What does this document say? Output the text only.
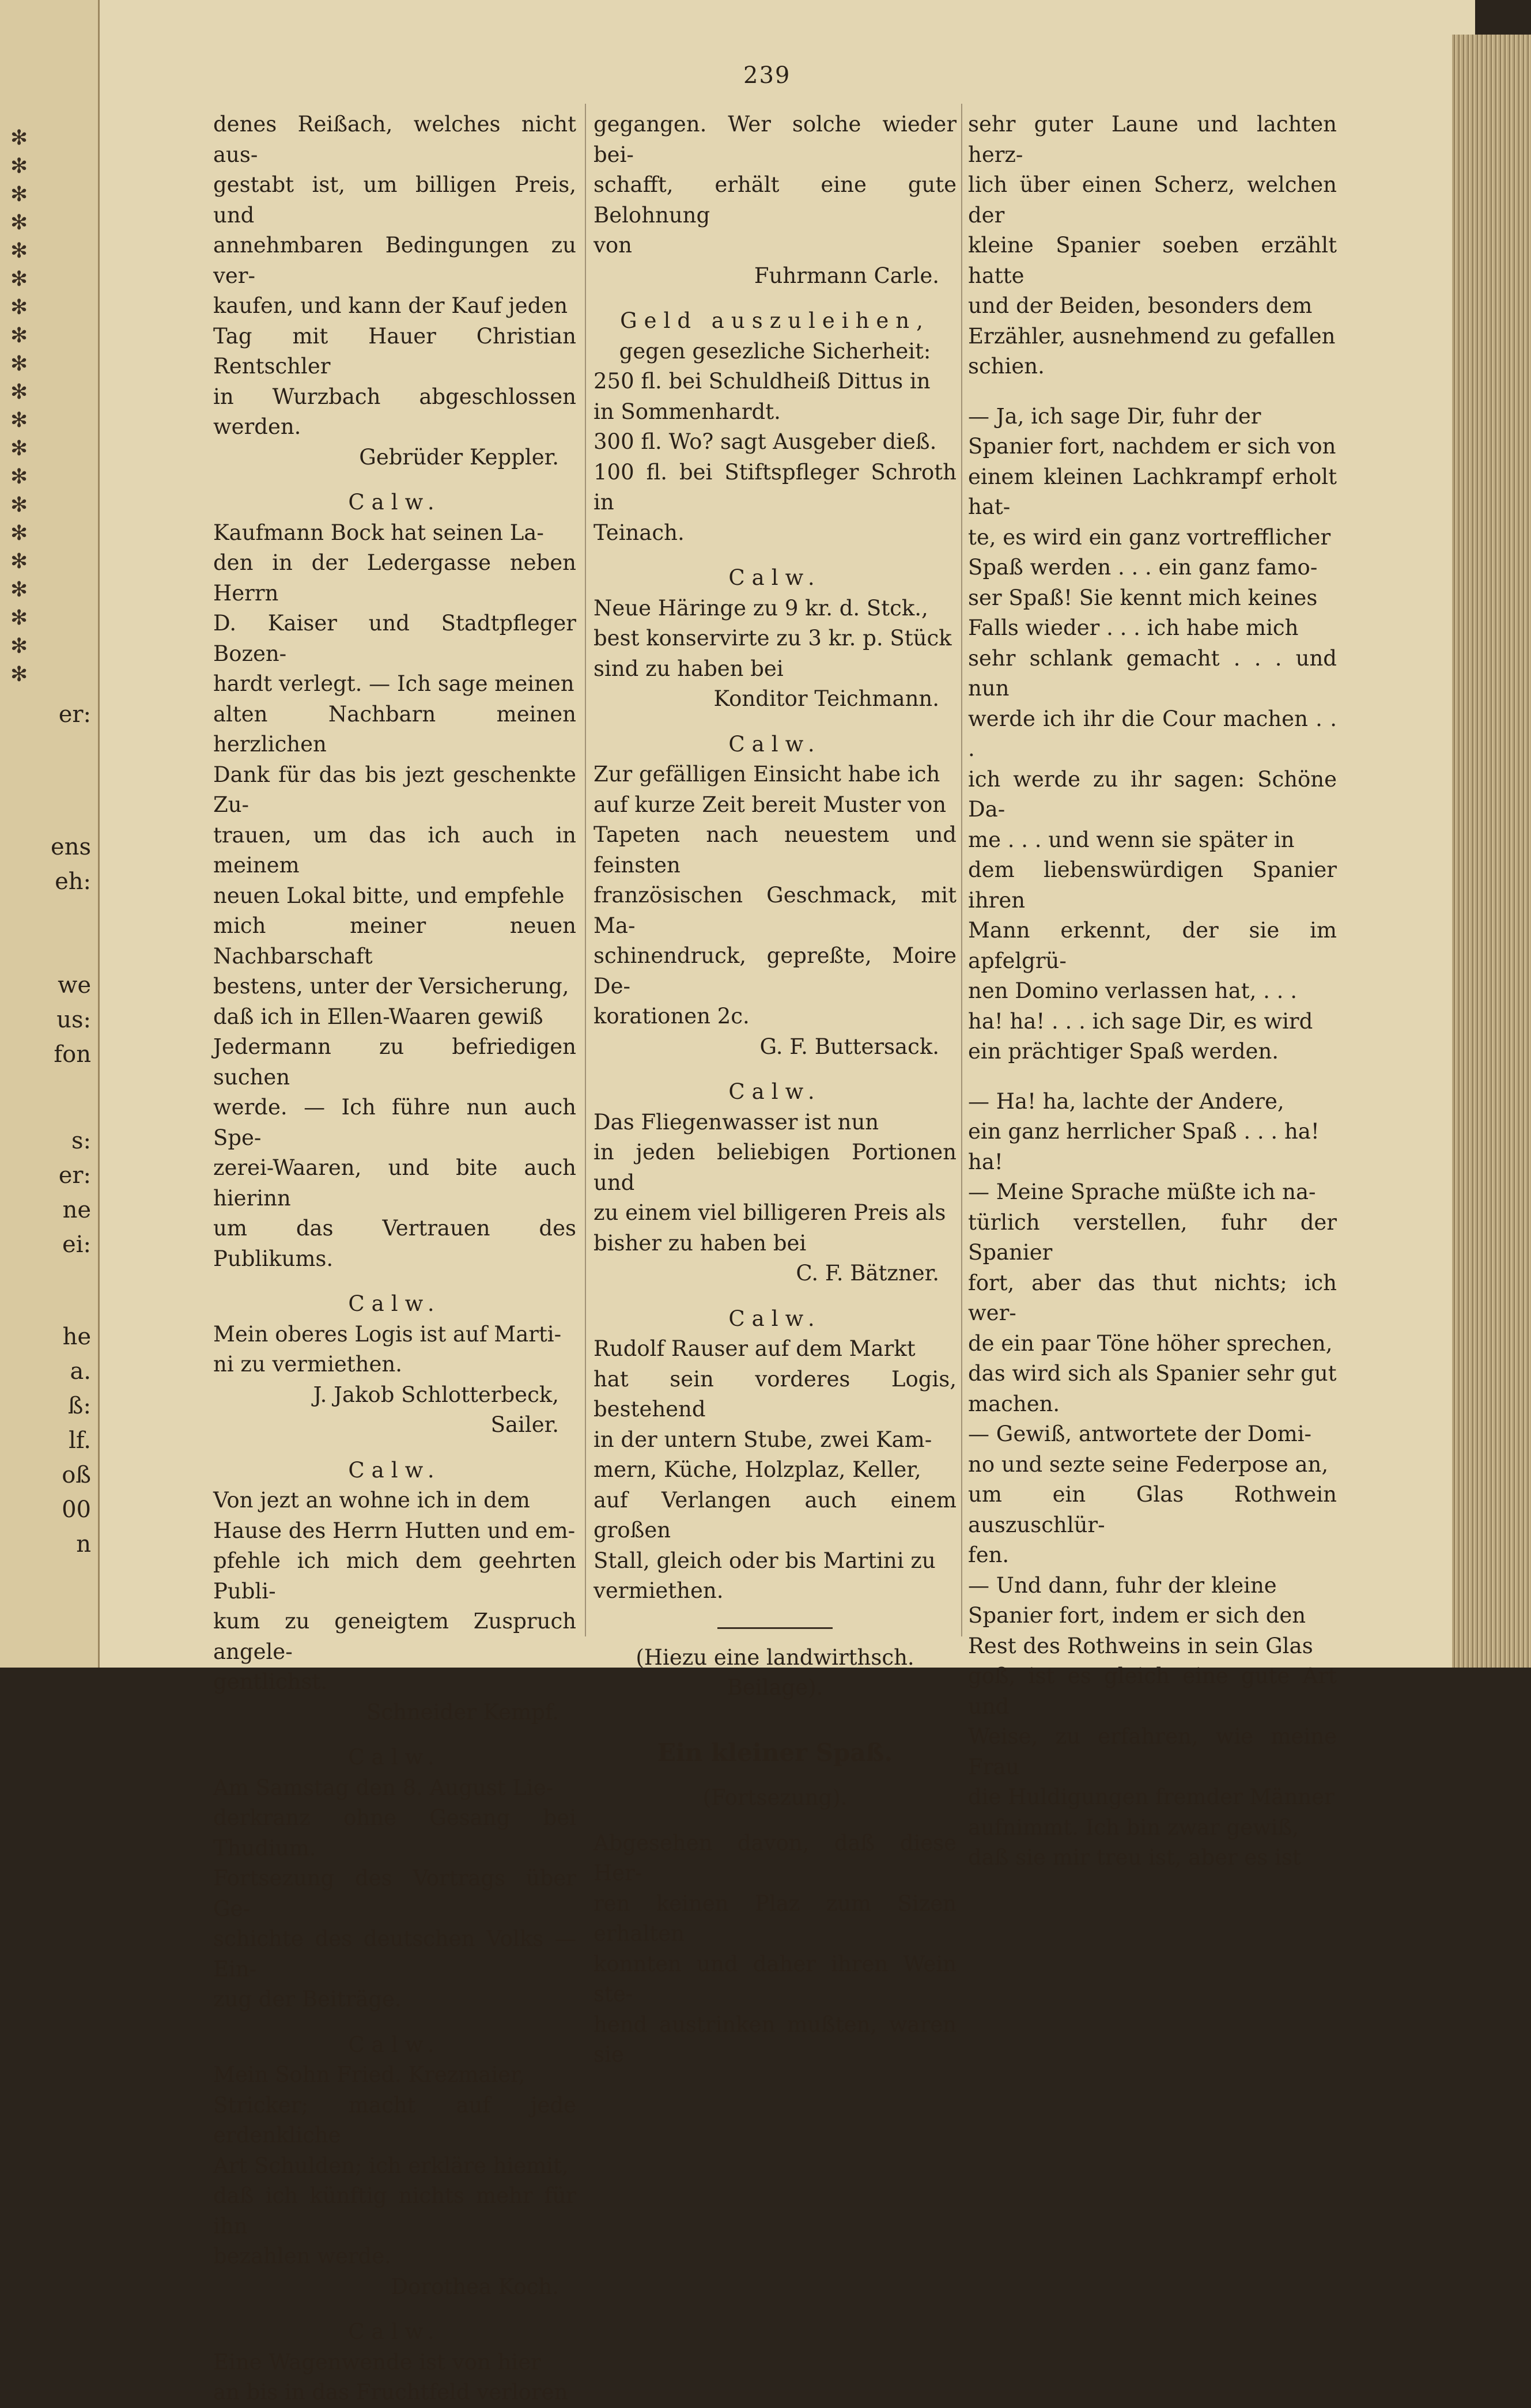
✻
✻
✻
✻
✻
✻
✻
✻
✻
✻
✻
✻
✻
✻
✻
✻
✻
✻
✻
✻
er:
ens
eh:
we
us:
fon
s:
er:
ne
ei:
he
a.
ß:
lf.
oß
00
n
239

denes Reißach, welches nicht aus-

gestabt ist, um billigen Preis, und

annehmbaren Bedingungen zu ver-

kaufen, und kann der Kauf jeden

Tag mit Hauer Christian Rentschler

in Wurzbach abgeschlossen werden.

Gebrüder Keppler.

Calw.

Kaufmann Bock hat seinen La-

den in der Ledergasse neben Herrn

D. Kaiser und Stadtpfleger Bozen-

hardt verlegt. — Ich sage meinen

alten Nachbarn meinen herzlichen

Dank für das bis jezt geschenkte Zu-

trauen, um das ich auch in meinem

neuen Lokal bitte, und empfehle

mich meiner neuen Nachbarschaft

bestens, unter der Versicherung,

daß ich in Ellen-Waaren gewiß

Jedermann zu befriedigen suchen

werde. — Ich führe nun auch Spe-

zerei-Waaren, und bite auch hierinn

um das Vertrauen des Publikums.

Calw.

Mein oberes Logis ist auf Marti-

ni zu vermiethen.

J. Jakob Schlotterbeck,

Sailer.

Calw.

Von jezt an wohne ich in dem

Hause des Herrn Hutten und em-

pfehle ich mich dem geehrten Publi-

kum zu geneigtem Zuspruch angele-

gentlichst.

Schneider Kempf.

Calw.

Am Samstag den 8. August Lie-

derkranz ohne Gesang bei Thudium.

Fortsezung des Vortrags über Ge-

schichte des deutschen Volks — Ein-

zug der Beiträge.

Calw.

Mein Sohn Fried. Krezmaier,

Stricker; macht auf jede erdenkliche

Art Schulden; ich erkläre hiemit,

daß ich künftig nichts mehr für ihn

bezahlen werde.

Dorothea Koch.

Calw.

Eine Wagenwende ist von hier

an bis in das Fruchtfeld verloren

gegangen. Wer solche wieder bei-

schafft, erhält eine gute Belohnung

von

Fuhrmann Carle.

Geld auszuleihen,

gegen gesezliche Sicherheit:

250 fl. bei Schuldheiß Dittus in

in Sommenhardt.

300 fl. Wo? sagt Ausgeber dieß.

100 fl. bei Stiftspfleger Schroth in

Teinach.

Calw.

Neue Häringe zu 9 kr. d. Stck.,

best konservirte zu 3 kr. p. Stück

sind zu haben bei

Konditor Teichmann.

Calw.

Zur gefälligen Einsicht habe ich

auf kurze Zeit bereit Muster von

Tapeten nach neuestem und feinsten

französischen Geschmack, mit Ma-

schinendruck, gepreßte, Moire De-

korationen 2c.

G. F. Buttersack.

Calw.

Das Fliegenwasser ist nun

in jeden beliebigen Portionen und

zu einem viel billigeren Preis als

bisher zu haben bei

C. F. Bätzner.

Calw.

Rudolf Rauser auf dem Markt

hat sein vorderes Logis, bestehend

in der untern Stube, zwei Kam-

mern, Küche, Holzplaz, Keller,

auf Verlangen auch einem großen

Stall, gleich oder bis Martini zu

vermiethen.

(Hiezu eine landwirthsch. Beilage).

Ein kleiner Spaß.

(Fortsezung).

Abgesehen davon, daß diese Her-

ren keinen Plaz zum Sizen erhalten

konnten und daher ihren Wein ste-

hend austrinken mußten, waren sie

sehr guter Laune und lachten herz-

lich über einen Scherz, welchen der

kleine Spanier soeben erzählt hatte

und der Beiden, besonders dem

Erzähler, ausnehmend zu gefallen

schien.

— Ja, ich sage Dir, fuhr der

Spanier fort, nachdem er sich von

einem kleinen Lachkrampf erholt hat-

te, es wird ein ganz vortrefflicher

Spaß werden . . . ein ganz famo-

ser Spaß! Sie kennt mich keines

Falls wieder . . . ich habe mich

sehr schlank gemacht . . . und nun

werde ich ihr die Cour machen . . .

ich werde zu ihr sagen: Schöne Da-

me . . . und wenn sie später in

dem liebenswürdigen Spanier ihren

Mann erkennt, der sie im apfelgrü-

nen Domino verlassen hat, . . .

ha! ha! . . . ich sage Dir, es wird

ein prächtiger Spaß werden.

— Ha! ha, lachte der Andere,

ein ganz herrlicher Spaß . . . ha!

ha!

— Meine Sprache müßte ich na-

türlich verstellen, fuhr der Spanier

fort, aber das thut nichts; ich wer-

de ein paar Töne höher sprechen,

das wird sich als Spanier sehr gut

machen.

— Gewiß, antwortete der Domi-

no und sezte seine Federpose an,

um ein Glas Rothwein auszuschlür-

fen.

— Und dann, fuhr der kleine

Spanier fort, indem er sich den

Rest des Rothweins in sein Glas

goß, ist es gleich eine gute Art und

Weise, zu erfahren, wie meine Frau

die Huldigungen fremder Männer

aufnimmt. Ich bin zwar gewiß,

daß sie mir treu ist, aber es ist
